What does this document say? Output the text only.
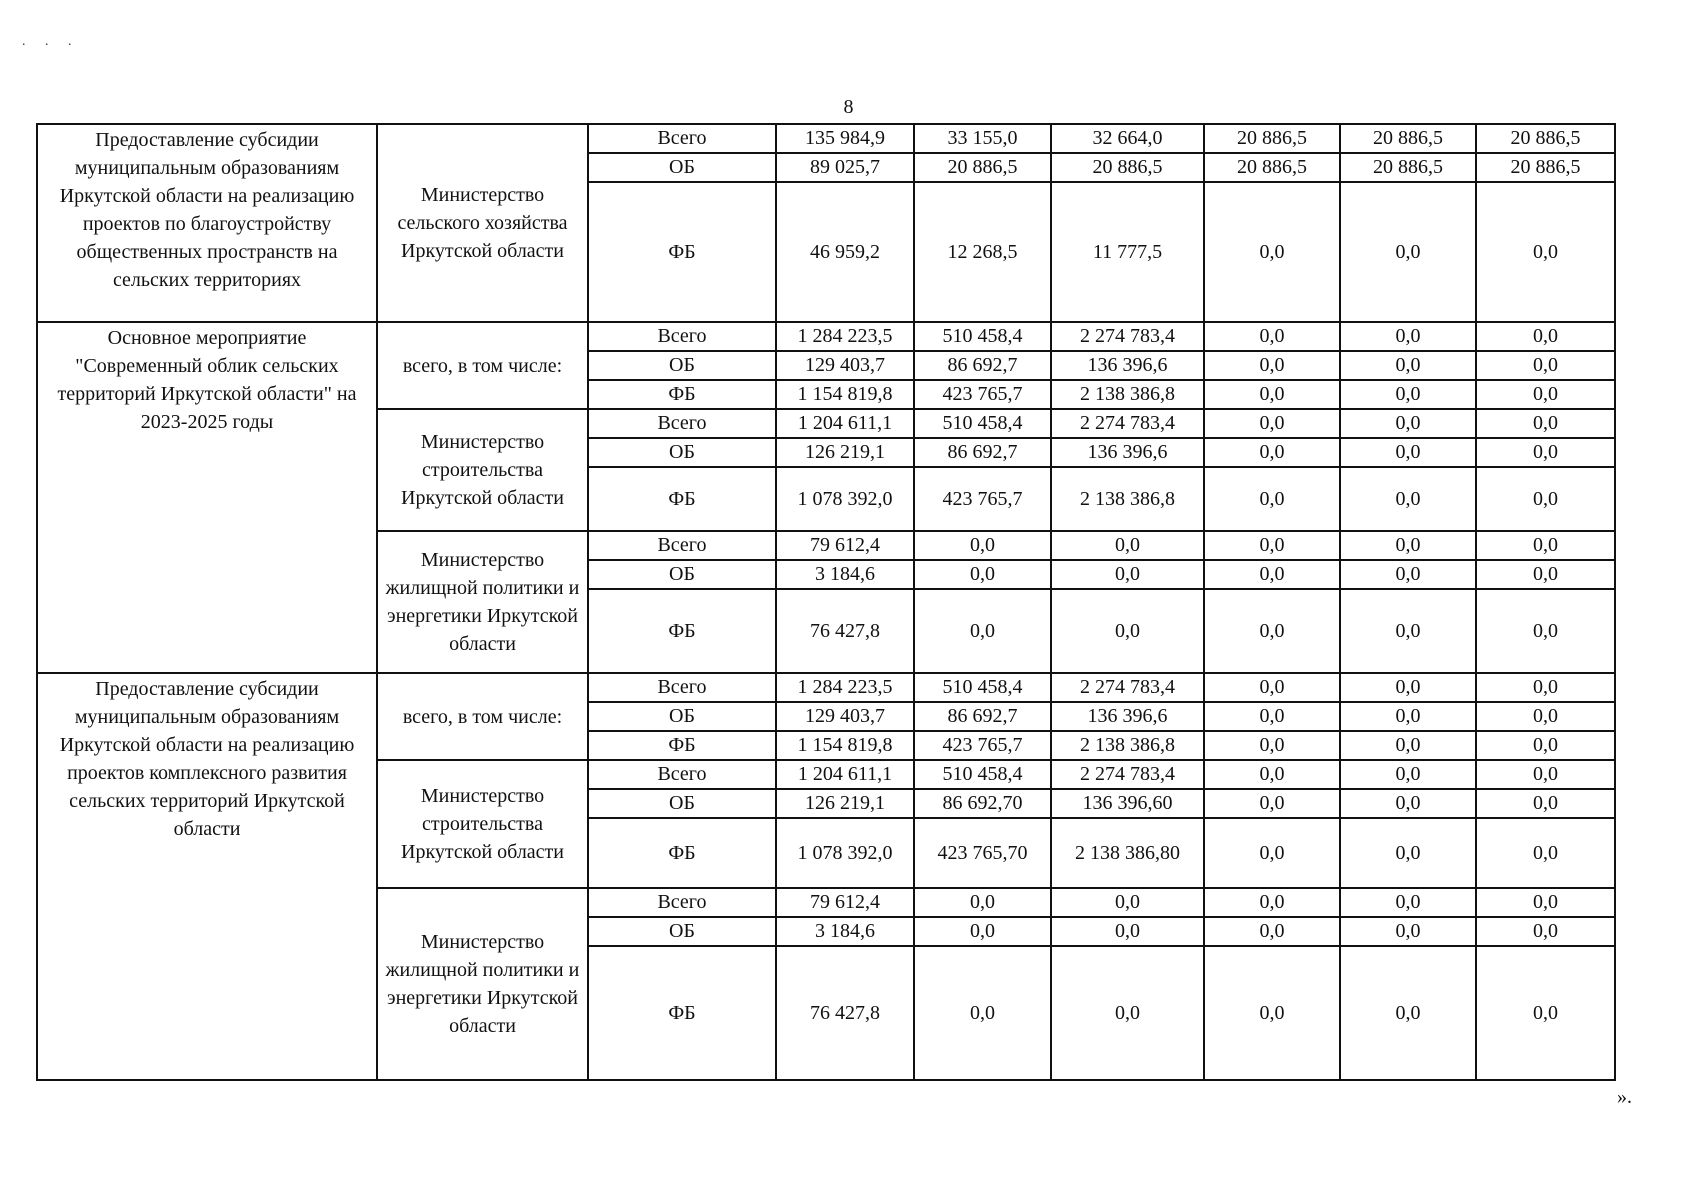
. . .
8
Предоставление субсидии муниципальным образованиям Иркутской области на реализацию проектов по благоустройству общественных пространств на сельских территориях	Министерство сельского хозяйства Иркутской области	Всего	135 984,9	33 155,0	32 664,0	20 886,5	20 886,5	20 886,5
		ОБ	89 025,7	20 886,5	20 886,5	20 886,5	20 886,5	20 886,5
		ФБ	46 959,2	12 268,5	11 777,5	0,0	0,0	0,0
Основное мероприятие "Современный облик сельских территорий Иркутской области" на 2023-2025 годы	всего, в том числе:	Всего	1 284 223,5	510 458,4	2 274 783,4	0,0	0,0	0,0
		ОБ	129 403,7	86 692,7	136 396,6	0,0	0,0	0,0
		ФБ	1 154 819,8	423 765,7	2 138 386,8	0,0	0,0	0,0
	Министерство строительства Иркутской области	Всего	1 204 611,1	510 458,4	2 274 783,4	0,0	0,0	0,0
		ОБ	126 219,1	86 692,7	136 396,6	0,0	0,0	0,0
		ФБ	1 078 392,0	423 765,7	2 138 386,8	0,0	0,0	0,0
	Министерство жилищной политики и энергетики Иркутской области	Всего	79 612,4	0,0	0,0	0,0	0,0	0,0
		ОБ	3 184,6	0,0	0,0	0,0	0,0	0,0
		ФБ	76 427,8	0,0	0,0	0,0	0,0	0,0
Предоставление субсидии муниципальным образованиям Иркутской области на реализацию проектов комплексного развития сельских территорий Иркутской области	всего, в том числе:	Всего	1 284 223,5	510 458,4	2 274 783,4	0,0	0,0	0,0
		ОБ	129 403,7	86 692,7	136 396,6	0,0	0,0	0,0
		ФБ	1 154 819,8	423 765,7	2 138 386,8	0,0	0,0	0,0
	Министерство строительства Иркутской области	Всего	1 204 611,1	510 458,4	2 274 783,4	0,0	0,0	0,0
		ОБ	126 219,1	86 692,70	136 396,60	0,0	0,0	0,0
		ФБ	1 078 392,0	423 765,70	2 138 386,80	0,0	0,0	0,0
	Министерство жилищной политики и энергетики Иркутской области	Всего	79 612,4	0,0	0,0	0,0	0,0	0,0
		ОБ	3 184,6	0,0	0,0	0,0	0,0	0,0
		ФБ	76 427,8	0,0	0,0	0,0	0,0	0,0
».
